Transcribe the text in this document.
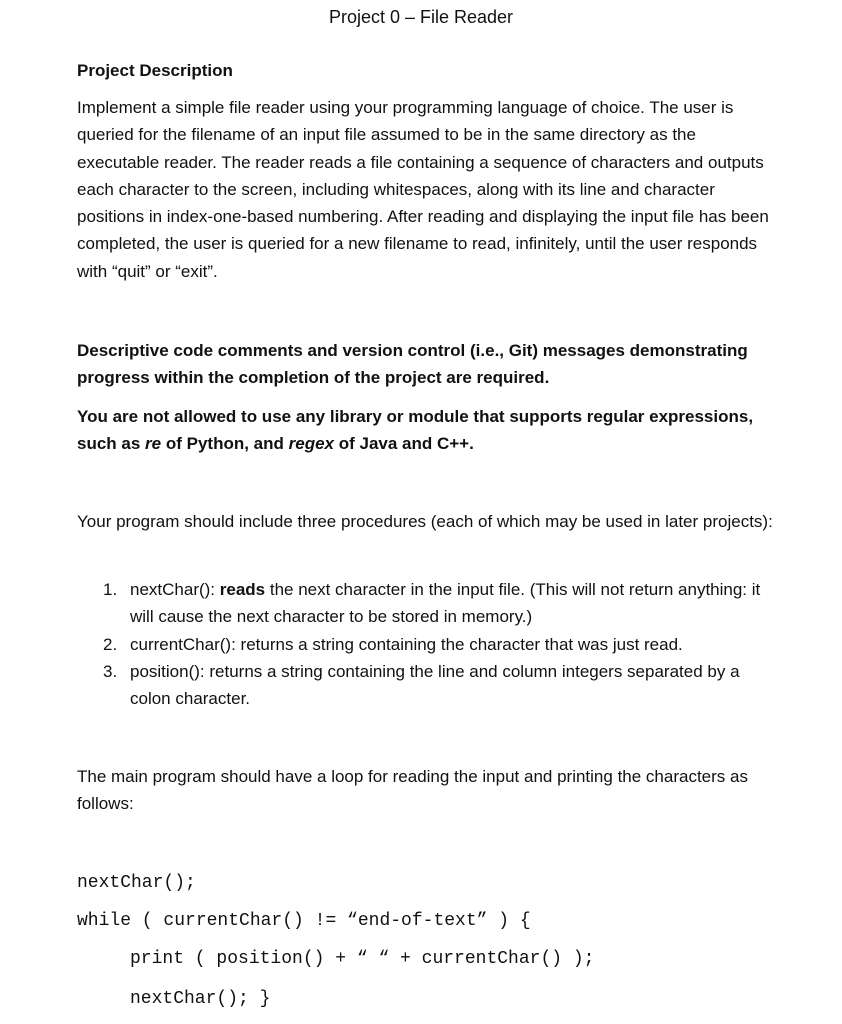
Project 0 – File Reader
Project Description
Implement a simple file reader using your programming language of choice. The user is queried for the filename of an input file assumed to be in the same directory as the executable reader. The reader reads a file containing a sequence of characters and outputs each character to the screen, including whitespaces, along with its line and character positions in index-one-based numbering. After reading and displaying the input file has been completed, the user is queried for a new filename to read, infinitely, until the user responds with “quit” or “exit”.
Descriptive code comments and version control (i.e., Git) messages demonstrating progress within the completion of the project are required.
You are not allowed to use any library or module that supports regular expressions, such as re of Python, and regex of Java and C++.
Your program should include three procedures (each of which may be used in later projects):
1. nextChar(): reads the next character in the input file. (This will not return anything: it will cause the next character to be stored in memory.)
2. currentChar(): returns a string containing the character that was just read.
3. position(): returns a string containing the line and column integers separated by a colon character.
The main program should have a loop for reading the input and printing the characters as follows:
nextChar();
while ( currentChar() != “end-of-text” ) {
print ( position() + “ “ + currentChar() );
nextChar(); }
